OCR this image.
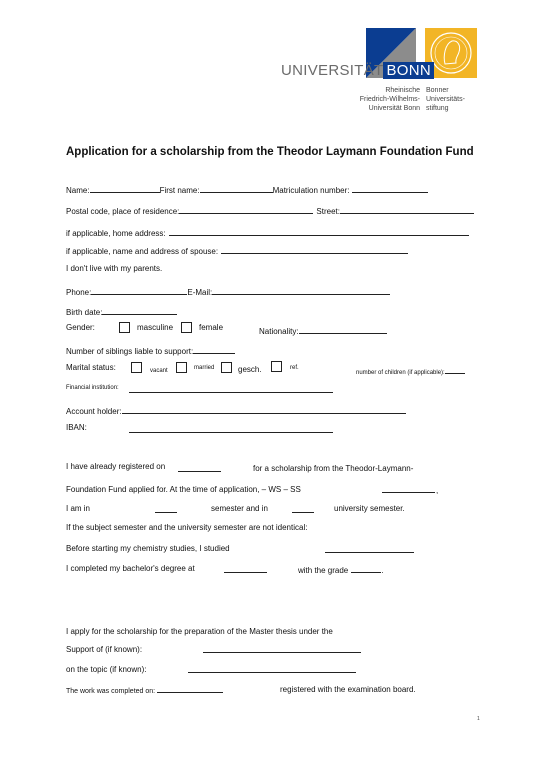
UNIVERSITÄT BONN
Rheinische
Friedrich-Wilhelms-
Universität Bonn
Bonner
Universitäts-
stiftung
Application for a scholarship from the Theodor Laymann Foundation Fund
Name:	First name:	Matriculation number:
Postal code, place of residence:	Street:
if applicable, home address:
if applicable, name and address of spouse:
I don't live with my parents.
Phone:	E-Mail:
Birth date:
Gender:	masculine	female	Nationality:
Number of siblings liable to support:
Marital status:	vacant	married	gesch.	ref.
number of children (if applicable):
Financial institution:
Account holder:
IBAN:
I have already registered on	for a scholarship from the Theodor-Laymann-
Foundation Fund applied for. At the time of application, – WS – SS	,
I am in	semester and in	university semester.
If the subject semester and the university semester are not identical:
Before starting my chemistry studies, I studied
I completed my bachelor's degree at	with the grade	.
I apply for the scholarship for the preparation of the Master thesis under the
Support of (if known):
on the topic (if known):
The work was completed on:	registered with the examination board.
1
